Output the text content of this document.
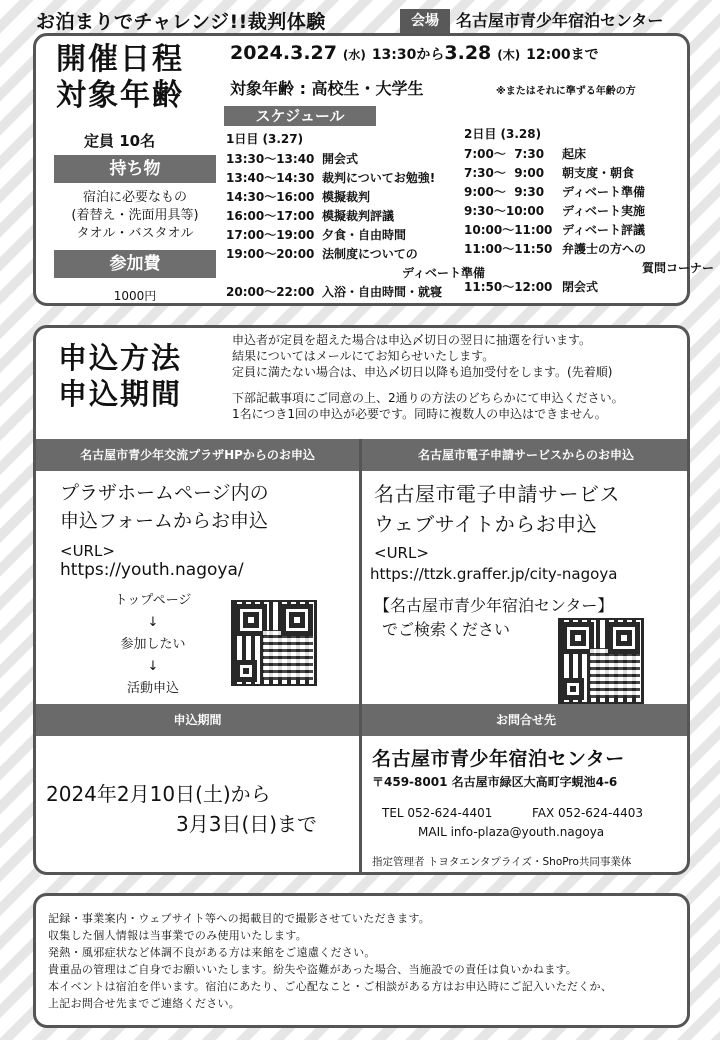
お泊まりでチャレンジ!!裁判体験	会場	名古屋市青少年宿泊センター
開催日程
対象年齢
定員 10名
持ち物
宿泊に必要なもの
(着替え・洗面用具等)
タオル・バスタオル
参加費
1000円
2024.3.27 (水) 13:30から3.28 (木) 12:00まで
対象年齢 : 高校生・大学生	※またはそれに準ずる年齢の方
スケジュール
1日目 (3.27)
13:30〜13:40 開会式
13:40〜14:30 裁判についてお勉強!
14:30〜16:00 模擬裁判
16:00〜17:00 模擬裁判評議
17:00〜19:00 夕食・自由時間
19:00〜20:00 法制度についての
ディベート準備
20:00〜22:00 入浴・自由時間・就寝
2日目 (3.28)
7:00〜  7:30 起床
7:30〜  9:00 朝支度・朝食
9:00〜  9:30 ディベート準備
9:30〜10:00 ディベート実施
10:00〜11:00 ディベート評議
11:00〜11:50 弁護士の方への
質問コーナー
11:50〜12:00 閉会式
申込方法
申込期間
申込者が定員を超えた場合は申込〆切日の翌日に抽選を行います。
結果についてはメールにてお知らせいたします。
定員に満たない場合は、申込〆切日以降も追加受付をします。(先着順)
下部記載事項にご同意の上、2通りの方法のどちらかにて申込ください。
1名につき1回の申込が必要です。同時に複数人の申込はできません。
名古屋市青少年交流プラザHPからのお申込	名古屋市電子申請サービスからのお申込
プラザホームページ内の
申込フォームからお申込
<URL>
https://youth.nagoya/
トップページ
↓
参加したい
↓
活動申込
名古屋市電子申請サービス
ウェブサイトからお申込
<URL>
https://ttzk.graffer.jp/city-nagoya
【名古屋市青少年宿泊センター】
でご検索ください
申込期間	お問合せ先
2024年2月10日(土)から
3月3日(日)まで
名古屋市青少年宿泊センター
〒459-8001 名古屋市緑区大高町字蜆池4-6
TEL 052-624-4401	FAX 052-624-4403
MAIL info-plaza@youth.nagoya
指定管理者 トヨタエンタプライズ・ShoPro共同事業体
記録・事業案内・ウェブサイト等への掲載目的で撮影させていただきます。
収集した個人情報は当事業でのみ使用いたします。
発熱・風邪症状など体調不良がある方は来館をご遠慮ください。
貴重品の管理はご自身でお願いいたします。紛失や盗難があった場合、当施設での責任は負いかねます。
本イベントは宿泊を伴います。宿泊にあたり、ご心配なこと・ご相談がある方はお申込時にご記入いただくか、
上記お問合せ先までご連絡ください。
